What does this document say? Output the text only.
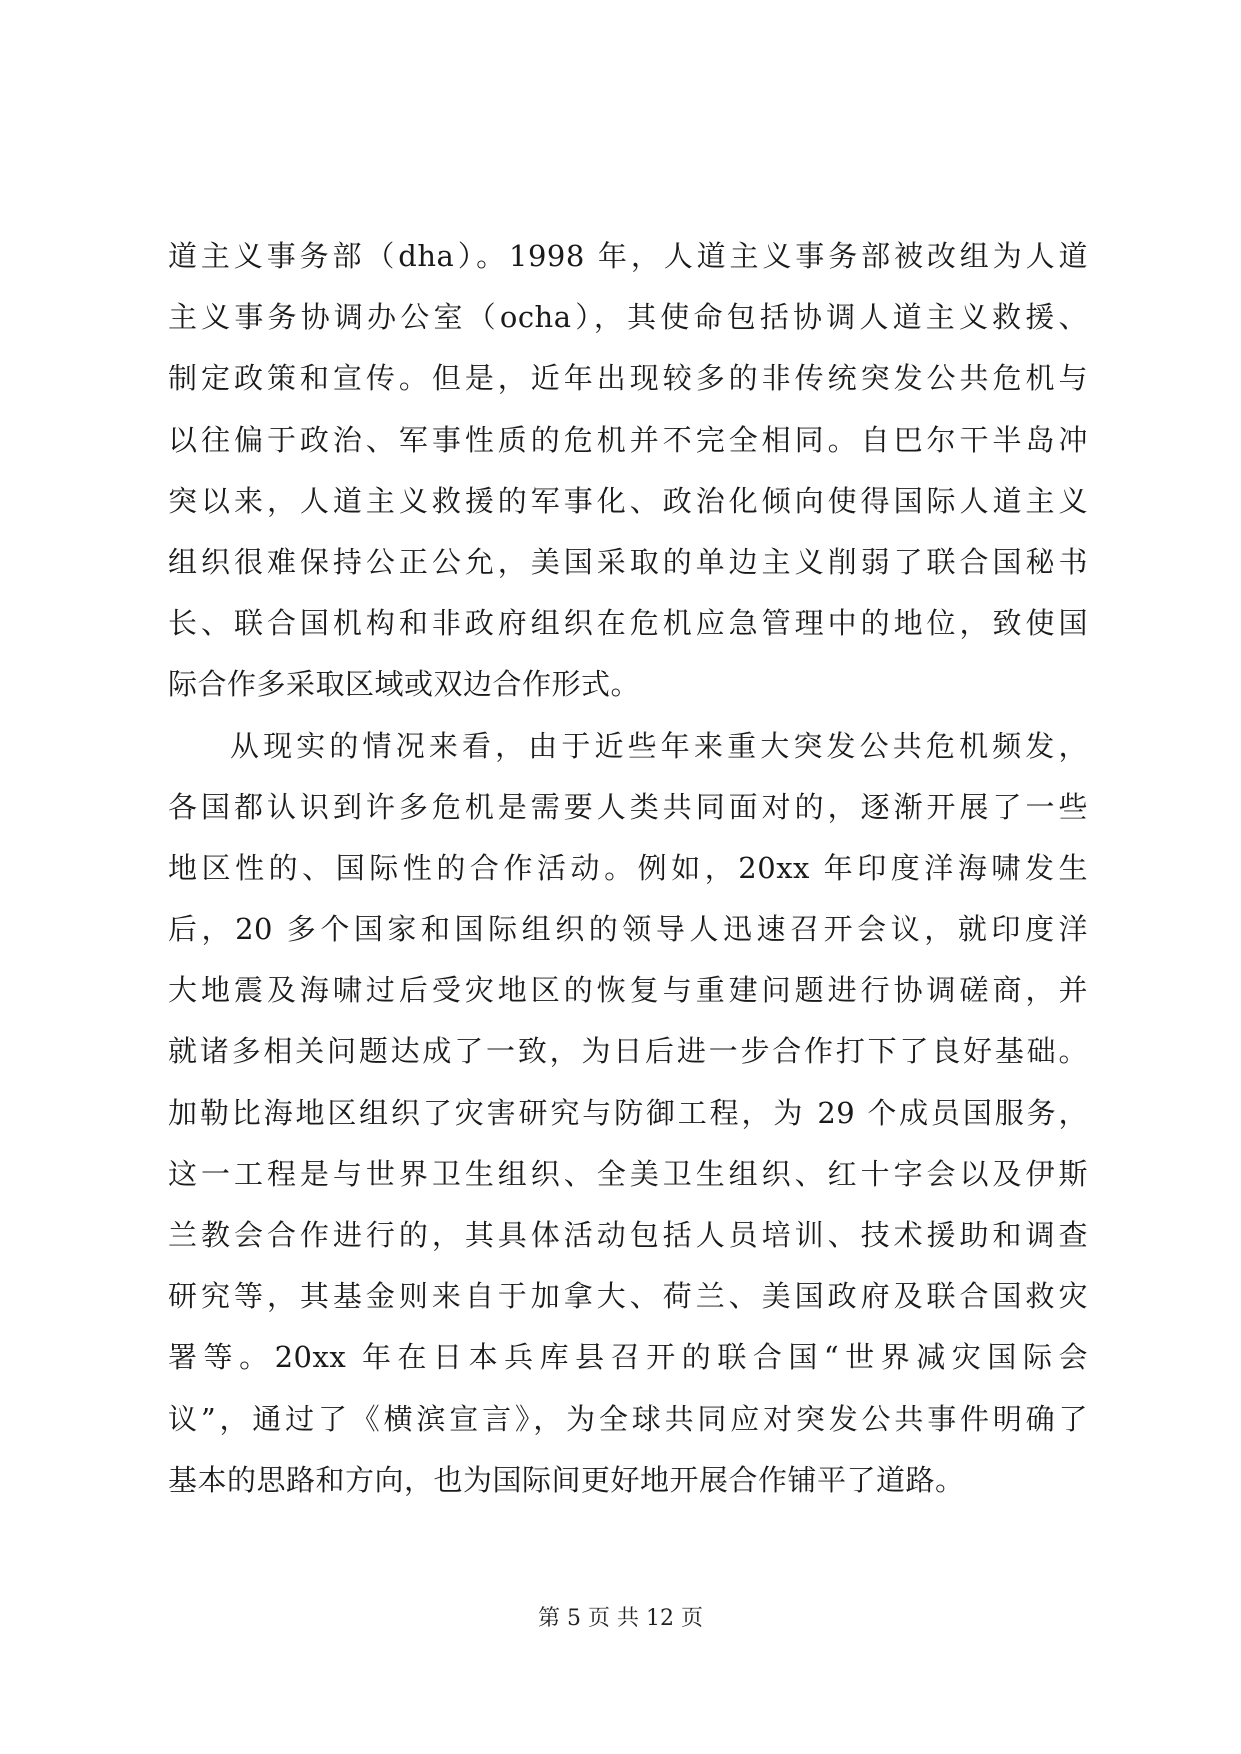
道主义事务部（dha）。1998 年，人道主义事务部被改组为人道
主义事务协调办公室（ocha），其使命包括协调人道主义救援、
制定政策和宣传。但是，近年出现较多的非传统突发公共危机与
以往偏于政治、军事性质的危机并不完全相同。自巴尔干半岛冲
突以来，人道主义救援的军事化、政治化倾向使得国际人道主义
组织很难保持公正公允，美国采取的单边主义削弱了联合国秘书
长、联合国机构和非政府组织在危机应急管理中的地位，致使国
际合作多采取区域或双边合作形式。
从现实的情况来看，由于近些年来重大突发公共危机频发，
各国都认识到许多危机是需要人类共同面对的，逐渐开展了一些
地区性的、国际性的合作活动。例如，20xx 年印度洋海啸发生
后，20 多个国家和国际组织的领导人迅速召开会议，就印度洋
大地震及海啸过后受灾地区的恢复与重建问题进行协调磋商，并
就诸多相关问题达成了一致，为日后进一步合作打下了良好基础。
加勒比海地区组织了灾害研究与防御工程，为 29 个成员国服务，
这一工程是与世界卫生组织、全美卫生组织、红十字会以及伊斯
兰教会合作进行的，其具体活动包括人员培训、技术援助和调查
研究等，其基金则来自于加拿大、荷兰、美国政府及联合国救灾
署等。20xx 年在日本兵库县召开的联合国“世界减灾国际会
议”，通过了《横滨宣言》，为全球共同应对突发公共事件明确了
基本的思路和方向，也为国际间更好地开展合作铺平了道路。
第 5 页 共 12 页
